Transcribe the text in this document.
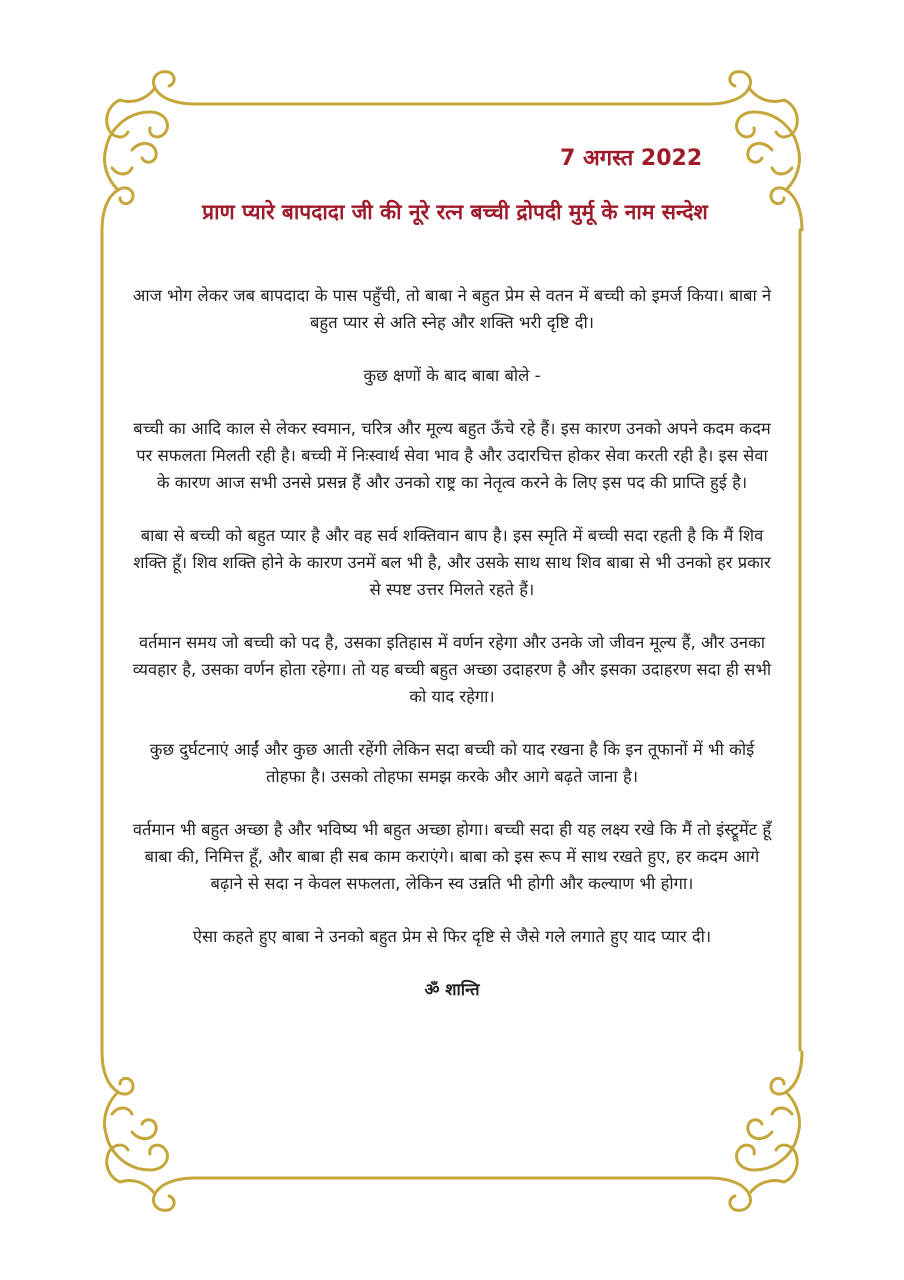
7 अगस्त 2022
प्राण प्यारे बापदादा जी की नूरे रत्न बच्ची द्रोपदी मुर्मू के नाम सन्देश

आज भोग लेकर जब बापदादा के पास पहुँची, तो बाबा ने बहुत प्रेम से वतन में बच्ची को इमर्ज किया। बाबा ने बहुत प्यार से अति स्नेह और शक्ति भरी दृष्टि दी।

कुछ क्षणों के बाद बाबा बोले -

बच्ची का आदि काल से लेकर स्वमान, चरित्र और मूल्य बहुत ऊँचे रहे हैं। इस कारण उनको अपने कदम कदम पर सफलता मिलती रही है। बच्ची में निःस्वार्थ सेवा भाव है और उदारचित्त होकर सेवा करती रही है। इस सेवा के कारण आज सभी उनसे प्रसन्न हैं और उनको राष्ट्र का नेतृत्व करने के लिए इस पद की प्राप्ति हुई है।

बाबा से बच्ची को बहुत प्यार है और वह सर्व शक्तिवान बाप है। इस स्मृति में बच्ची सदा रहती है कि मैं शिव शक्ति हूँ। शिव शक्ति होने के कारण उनमें बल भी है, और उसके साथ साथ शिव बाबा से भी उनको हर प्रकार से स्पष्ट उत्तर मिलते रहते हैं।

वर्तमान समय जो बच्ची को पद है, उसका इतिहास में वर्णन रहेगा और उनके जो जीवन मूल्य हैं, और उनका व्यवहार है, उसका वर्णन होता रहेगा। तो यह बच्ची बहुत अच्छा उदाहरण है और इसका उदाहरण सदा ही सभी को याद रहेगा।

कुछ दुर्घटनाएं आईं और कुछ आती रहेंगी लेकिन सदा बच्ची को याद रखना है कि इन तूफानों में भी कोई तोहफा है। उसको तोहफा समझ करके और आगे बढ़ते जाना है।

वर्तमान भी बहुत अच्छा है और भविष्य भी बहुत अच्छा होगा। बच्ची सदा ही यह लक्ष्य रखे कि मैं तो इंस्ट्रूमेंट हूँ बाबा की, निमित्त हूँ, और बाबा ही सब काम कराएंगे। बाबा को इस रूप में साथ रखते हुए, हर कदम आगे बढ़ाने से सदा न केवल सफलता, लेकिन स्व उन्नति भी होगी और कल्याण भी होगा।

ऐसा कहते हुए बाबा ने उनको बहुत प्रेम से फिर दृष्टि से जैसे गले लगाते हुए याद प्यार दी।

ॐ शान्ति
